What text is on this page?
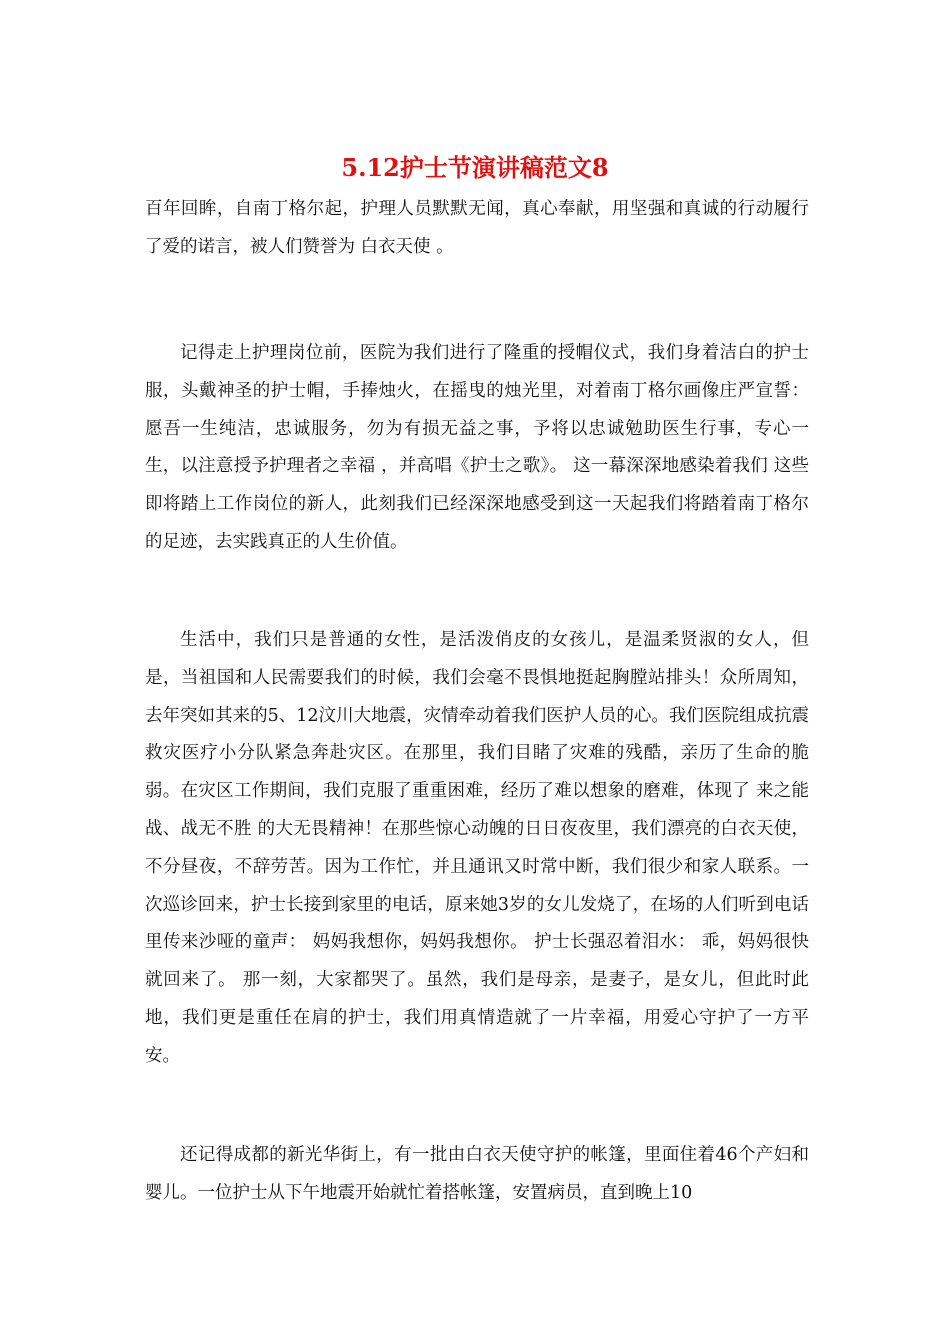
5.12护士节演讲稿范文8

百年回眸，自南丁格尔起，护理人员默默无闻，真心奉献，用坚强和真诚的行动履行了爱的诺言，被人们赞誉为 白衣天使 。

记得走上护理岗位前，医院为我们进行了隆重的授帽仪式，我们身着洁白的护士服，头戴神圣的护士帽，手捧烛火，在摇曳的烛光里，对着南丁格尔画像庄严宣誓： 愿吾一生纯洁，忠诚服务，勿为有损无益之事，予将以忠诚勉助医生行事，专心一生，以注意授予护理者之幸福 ，并高唱《护士之歌》。 这一幕深深地感染着我们 这些即将踏上工作岗位的新人，此刻我们已经深深地感受到这一天起我们将踏着南丁格尔的足迹，去实践真正的人生价值。

生活中，我们只是普通的女性，是活泼俏皮的女孩儿，是温柔贤淑的女人，但是，当祖国和人民需要我们的时候，我们会毫不畏惧地挺起胸膛站排头！众所周知，去年突如其来的5、12汶川大地震，灾情牵动着我们医护人员的心。我们医院组成抗震救灾医疗小分队紧急奔赴灾区。在那里，我们目睹了灾难的残酷，亲历了生命的脆弱。在灾区工作期间，我们克服了重重困难，经历了难以想象的磨难，体现了 来之能战、战无不胜 的大无畏精神！在那些惊心动魄的日日夜夜里，我们漂亮的白衣天使，不分昼夜，不辞劳苦。因为工作忙，并且通讯又时常中断，我们很少和家人联系。一次巡诊回来，护士长接到家里的电话，原来她3岁的女儿发烧了，在场的人们听到电话里传来沙哑的童声： 妈妈我想你，妈妈我想你。 护士长强忍着泪水： 乖，妈妈很快就回来了。 那一刻，大家都哭了。虽然，我们是母亲，是妻子，是女儿，但此时此地，我们更是重任在肩的护士，我们用真情造就了一片幸福，用爱心守护了一方平安。

还记得成都的新光华街上，有一批由白衣天使守护的帐篷，里面住着46个产妇和婴儿。一位护士从下午地震开始就忙着搭帐篷，安置病员，直到晚上10
